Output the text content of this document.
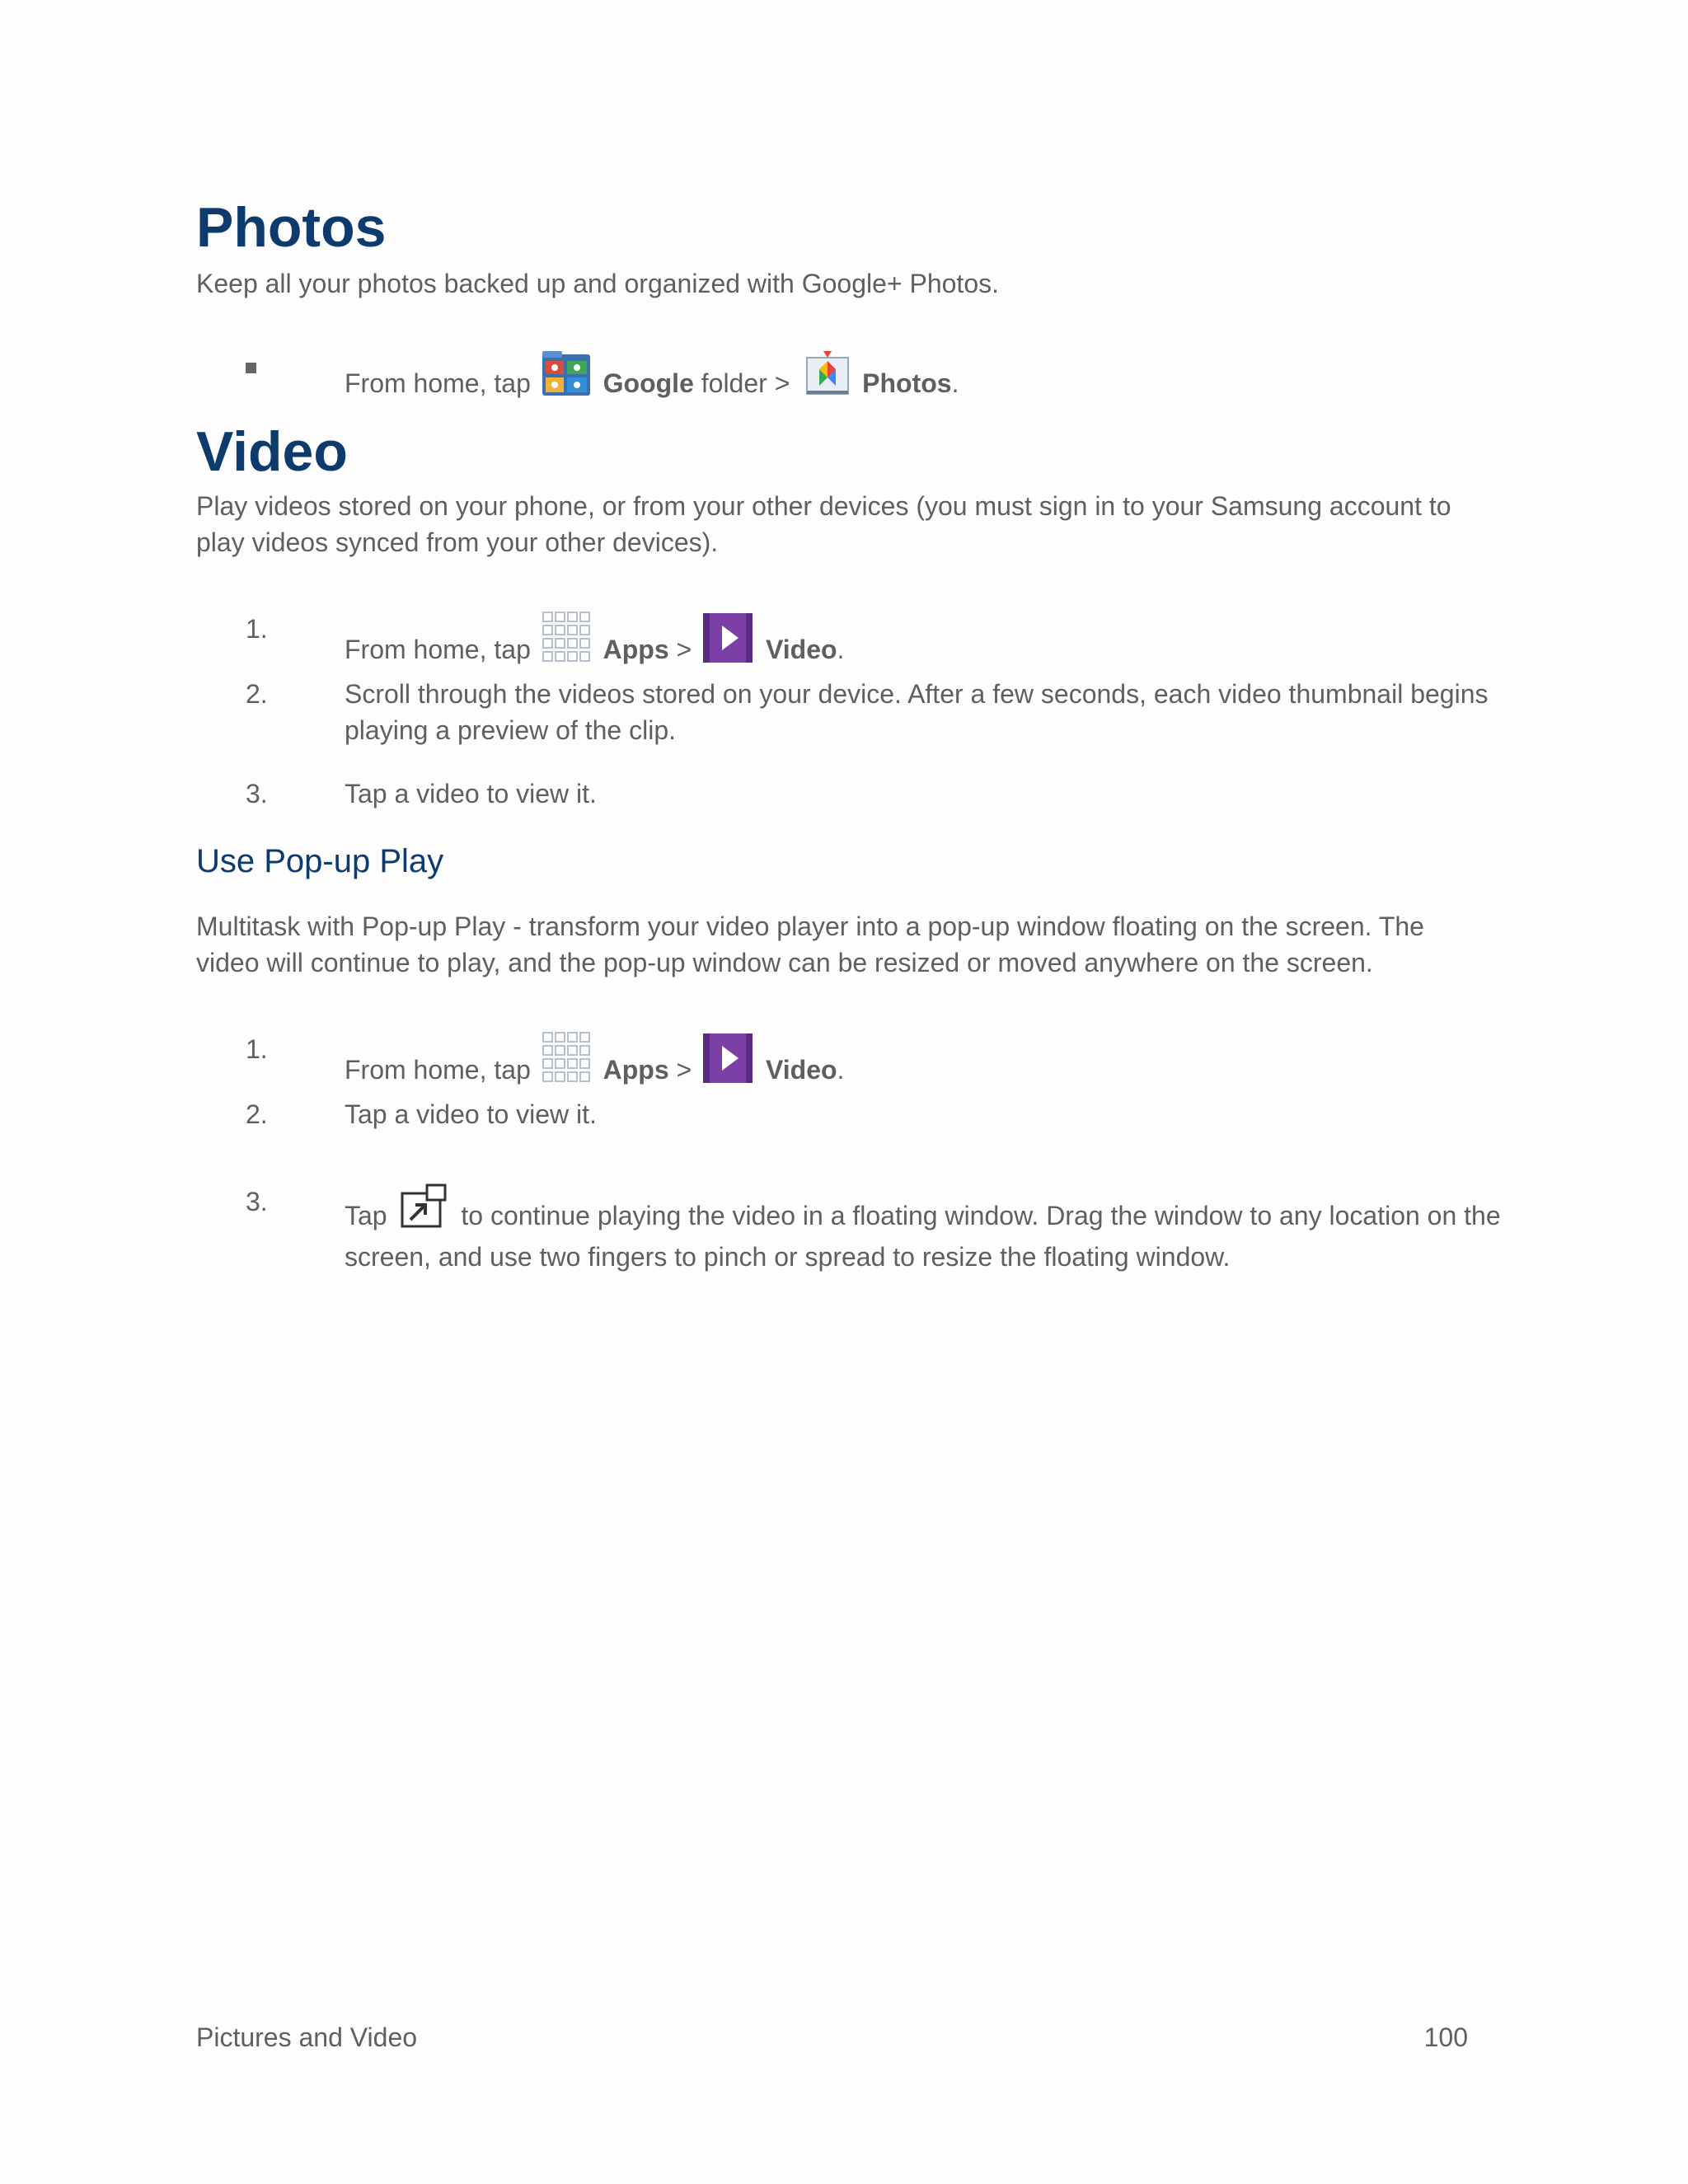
Photos

Keep all your photos backed up and organized with Google+ Photos.

From home, tap	Google folder >	Photos.
Video

Play videos stored on your phone, or from your other devices (you must sign in to your Samsung account to play videos synced from your other devices).

1.
From home, tap	Apps >	Video.
2.	Scroll through the videos stored on your device. After a few seconds, each video thumbnail begins playing a preview of the clip.
3.	Tap a video to view it.
Use Pop-up Play

Multitask with Pop-up Play - transform your video player into a pop-up window floating on the screen. The video will continue to play, and the pop-up window can be resized or moved anywhere on the screen.

1.
From home, tap	Apps >	Video.
2.	Tap a video to view it.
3.	Tap	to continue playing the video in a floating window. Drag the window to any location on the screen, and use two fingers to pinch or spread to resize the floating window.
Pictures and Video	100
